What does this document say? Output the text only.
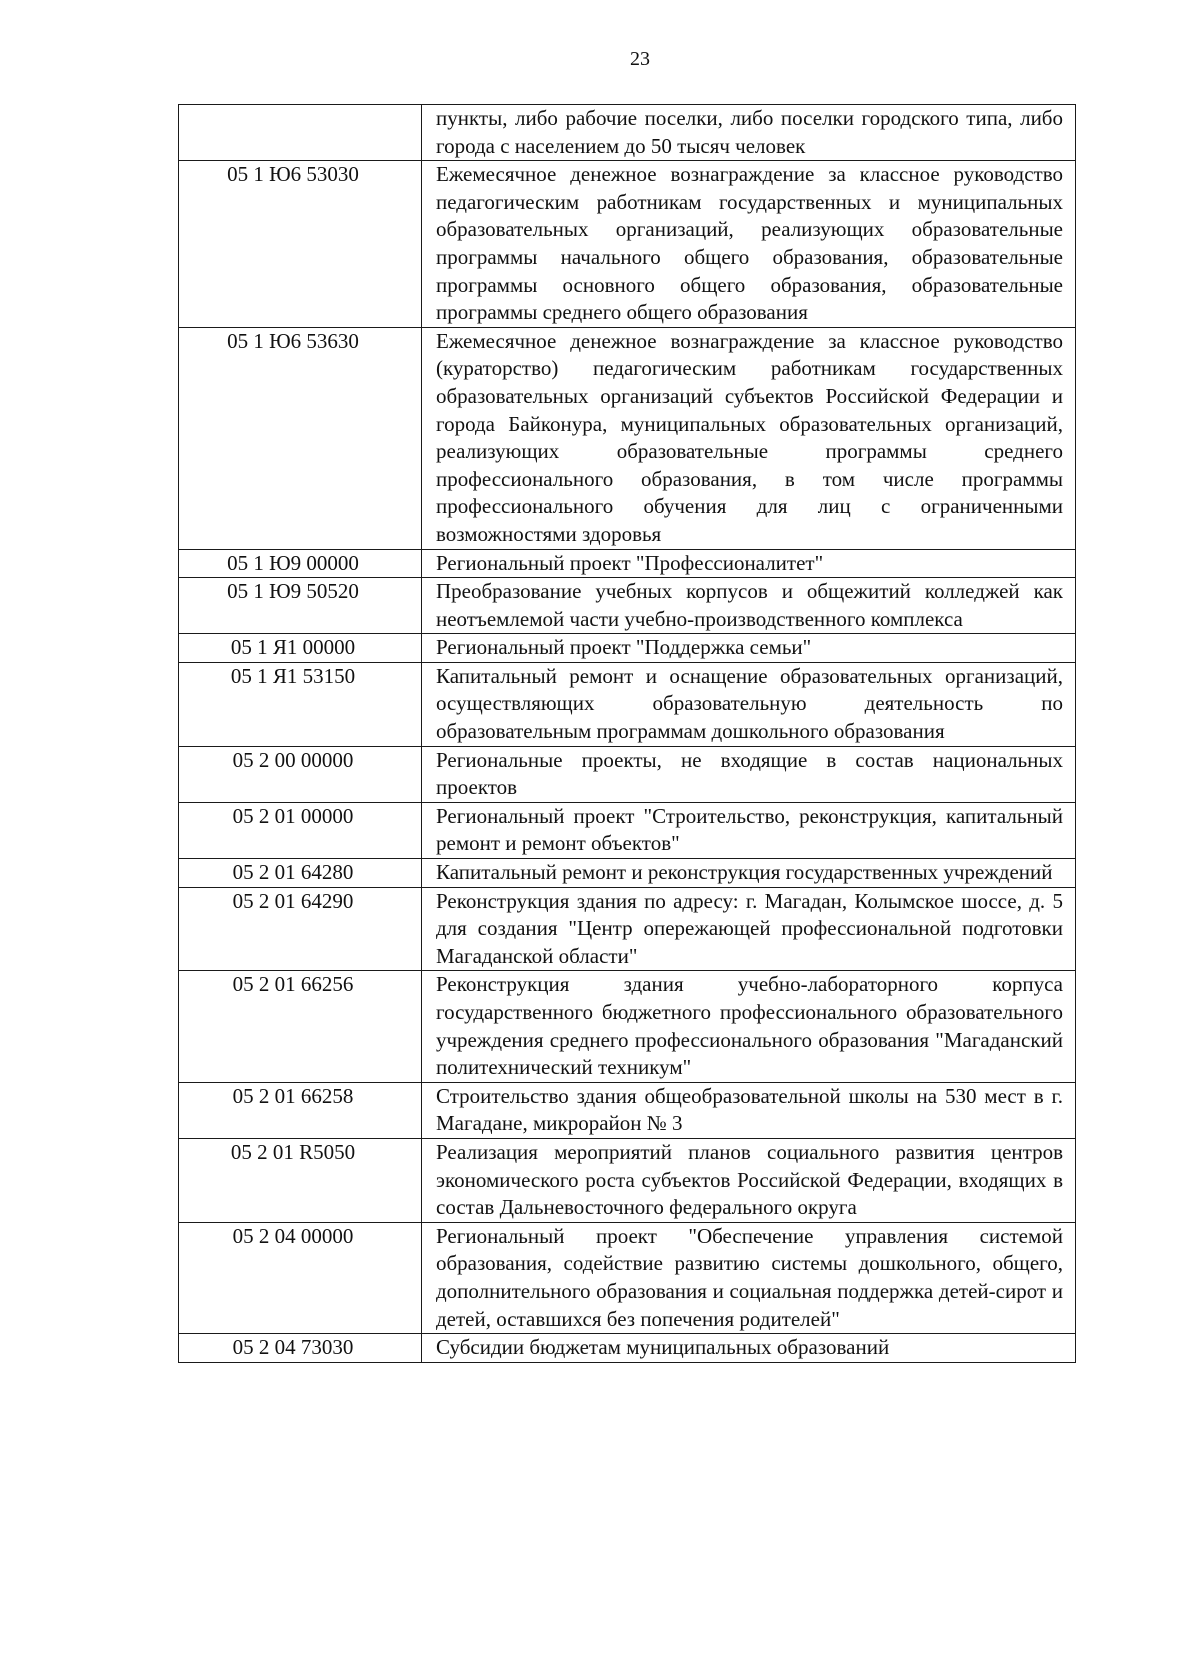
23
	пункты, либо рабочие поселки, либо поселки городского типа, либо города с населением до 50 тысяч человек
05 1 Ю6 53030	Ежемесячное денежное вознаграждение за классное руководство педагогическим работникам государственных и муниципальных образовательных организаций, реализующих образовательные программы начального общего образования, образовательные программы основного общего образования, образовательные программы среднего общего образования
05 1 Ю6 53630	Ежемесячное денежное вознаграждение за классное руководство (кураторство) педагогическим работникам государственных образовательных организаций субъектов Российской Федерации и города Байконура, муниципальных образовательных организаций, реализующих образовательные программы среднего профессионального образования, в том числе программы профессионального обучения для лиц с ограниченными возможностями здоровья
05 1 Ю9 00000	Региональный проект "Профессионалитет"
05 1 Ю9 50520	Преобразование учебных корпусов и общежитий колледжей как неотъемлемой части учебно-производственного комплекса
05 1 Я1 00000	Региональный проект "Поддержка семьи"
05 1 Я1 53150	Капитальный ремонт и оснащение образовательных организаций, осуществляющих образовательную деятельность по образовательным программам дошкольного образования
05 2 00 00000	Региональные проекты, не входящие в состав национальных проектов
05 2 01 00000	Региональный проект "Строительство, реконструкция, капитальный ремонт и ремонт объектов"
05 2 01 64280	Капитальный ремонт и реконструкция государственных учреждений
05 2 01 64290	Реконструкция здания по адресу: г. Магадан, Колымское шоссе, д. 5 для создания "Центр опережающей профессиональной подготовки Магаданской области"
05 2 01 66256	Реконструкция здания учебно-лабораторного корпуса государственного бюджетного профессионального образовательного учреждения среднего профессионального образования "Магаданский политехнический техникум"
05 2 01 66258	Строительство здания общеобразовательной школы на 530 мест в г. Магадане, микрорайон № 3
05 2 01 R5050	Реализация мероприятий планов социального развития центров экономического роста субъектов Российской Федерации, входящих в состав Дальневосточного федерального округа
05 2 04 00000	Региональный проект "Обеспечение управления системой образования, содействие развитию системы дошкольного, общего, дополнительного образования и социальная поддержка детей-сирот и детей, оставшихся без попечения родителей"
05 2 04 73030	Субсидии бюджетам муниципальных образований
